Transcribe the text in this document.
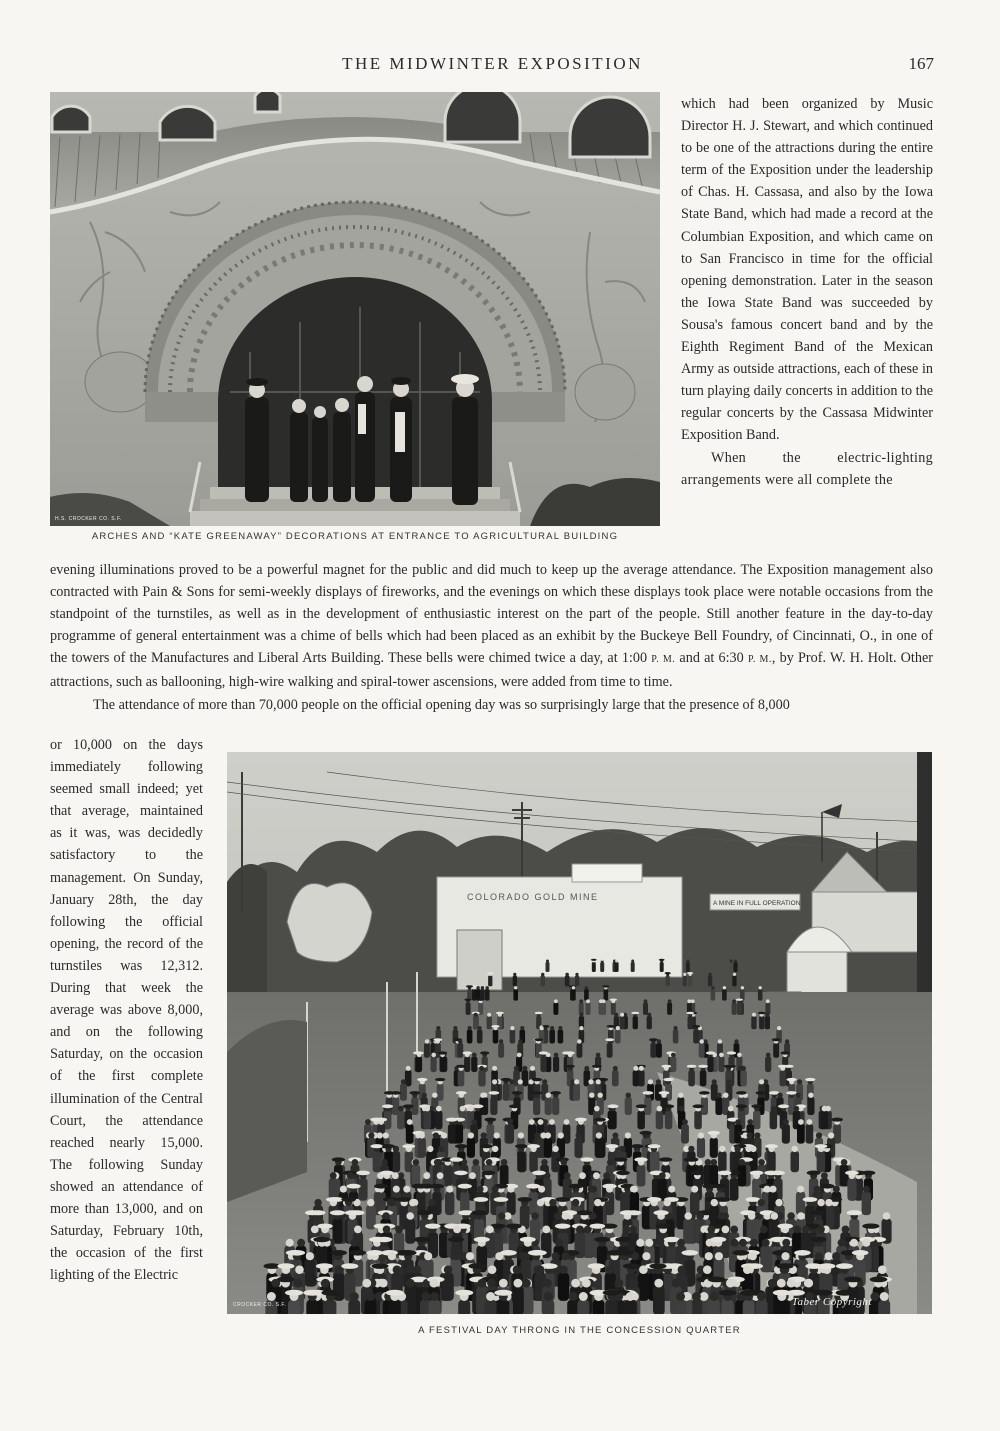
THE MIDWINTER EXPOSITION	167
H.S. CROCKER CO. S.F.
ARCHES AND “KATE GREENAWAY” DECORATIONS AT ENTRANCE TO AGRICULTURAL BUILDING

which had been organized by Music Director H. J. Stewart, and which continued to be one of the attractions during the entire term of the Exposition under the leadership of Chas. H. Cassasa, and also by the Iowa State Band, which had made a record at the Columbian Exposition, and which came on to San Francisco in time for the official opening demonstration. Later in the season the Iowa State Band was succeeded by Sousa's famous concert band and by the Eighth Regiment Band of the Mexican Army as outside attractions, each of these in turn playing daily concerts in addition to the regular concerts by the Cassasa Midwinter Exposition Band.

When the electric-lighting arrangements were all complete the

evening illuminations proved to be a powerful magnet for the public and did much to keep up the average attendance. The Exposition management also contracted with Pain & Sons for semi-weekly displays of fireworks, and the evenings on which these displays took place were notable occasions from the standpoint of the turnstiles, as well as in the development of enthusiastic interest on the part of the people. Still another feature in the day-to-day programme of general entertainment was a chime of bells which had been placed as an exhibit by the Buckeye Bell Foundry, of Cincinnati, O., in one of the towers of the Manufactures and Liberal Arts Building. These bells were chimed twice a day, at 1:00 P. M. and at 6:30 P. M., by Prof. W. H. Holt. Other attractions, such as ballooning, high-wire walking and spiral-tower ascensions, were added from time to time.

The attendance of more than 70,000 people on the official opening day was so surprisingly large that the presence of 8,000

or 10,000 on the days immediately following seemed small indeed; yet that average, maintained as it was, was decidedly satisfactory to the management. On Sunday, January 28th, the day following the official opening, the record of the turnstiles was 12,312. During that week the average was above 8,000, and on the following Saturday, on the occasion of the first complete illumination of the Central Court, the attendance reached nearly 15,000. The following Sunday showed an attendance of more than 13,000, and on Saturday, February 10th, the occasion of the first lighting of the Electric

COLORADO GOLD MINE
A MINE IN FULL OPERATION
CROCKER CO. S.F.	Taber Copyright
A FESTIVAL DAY THRONG IN THE CONCESSION QUARTER
